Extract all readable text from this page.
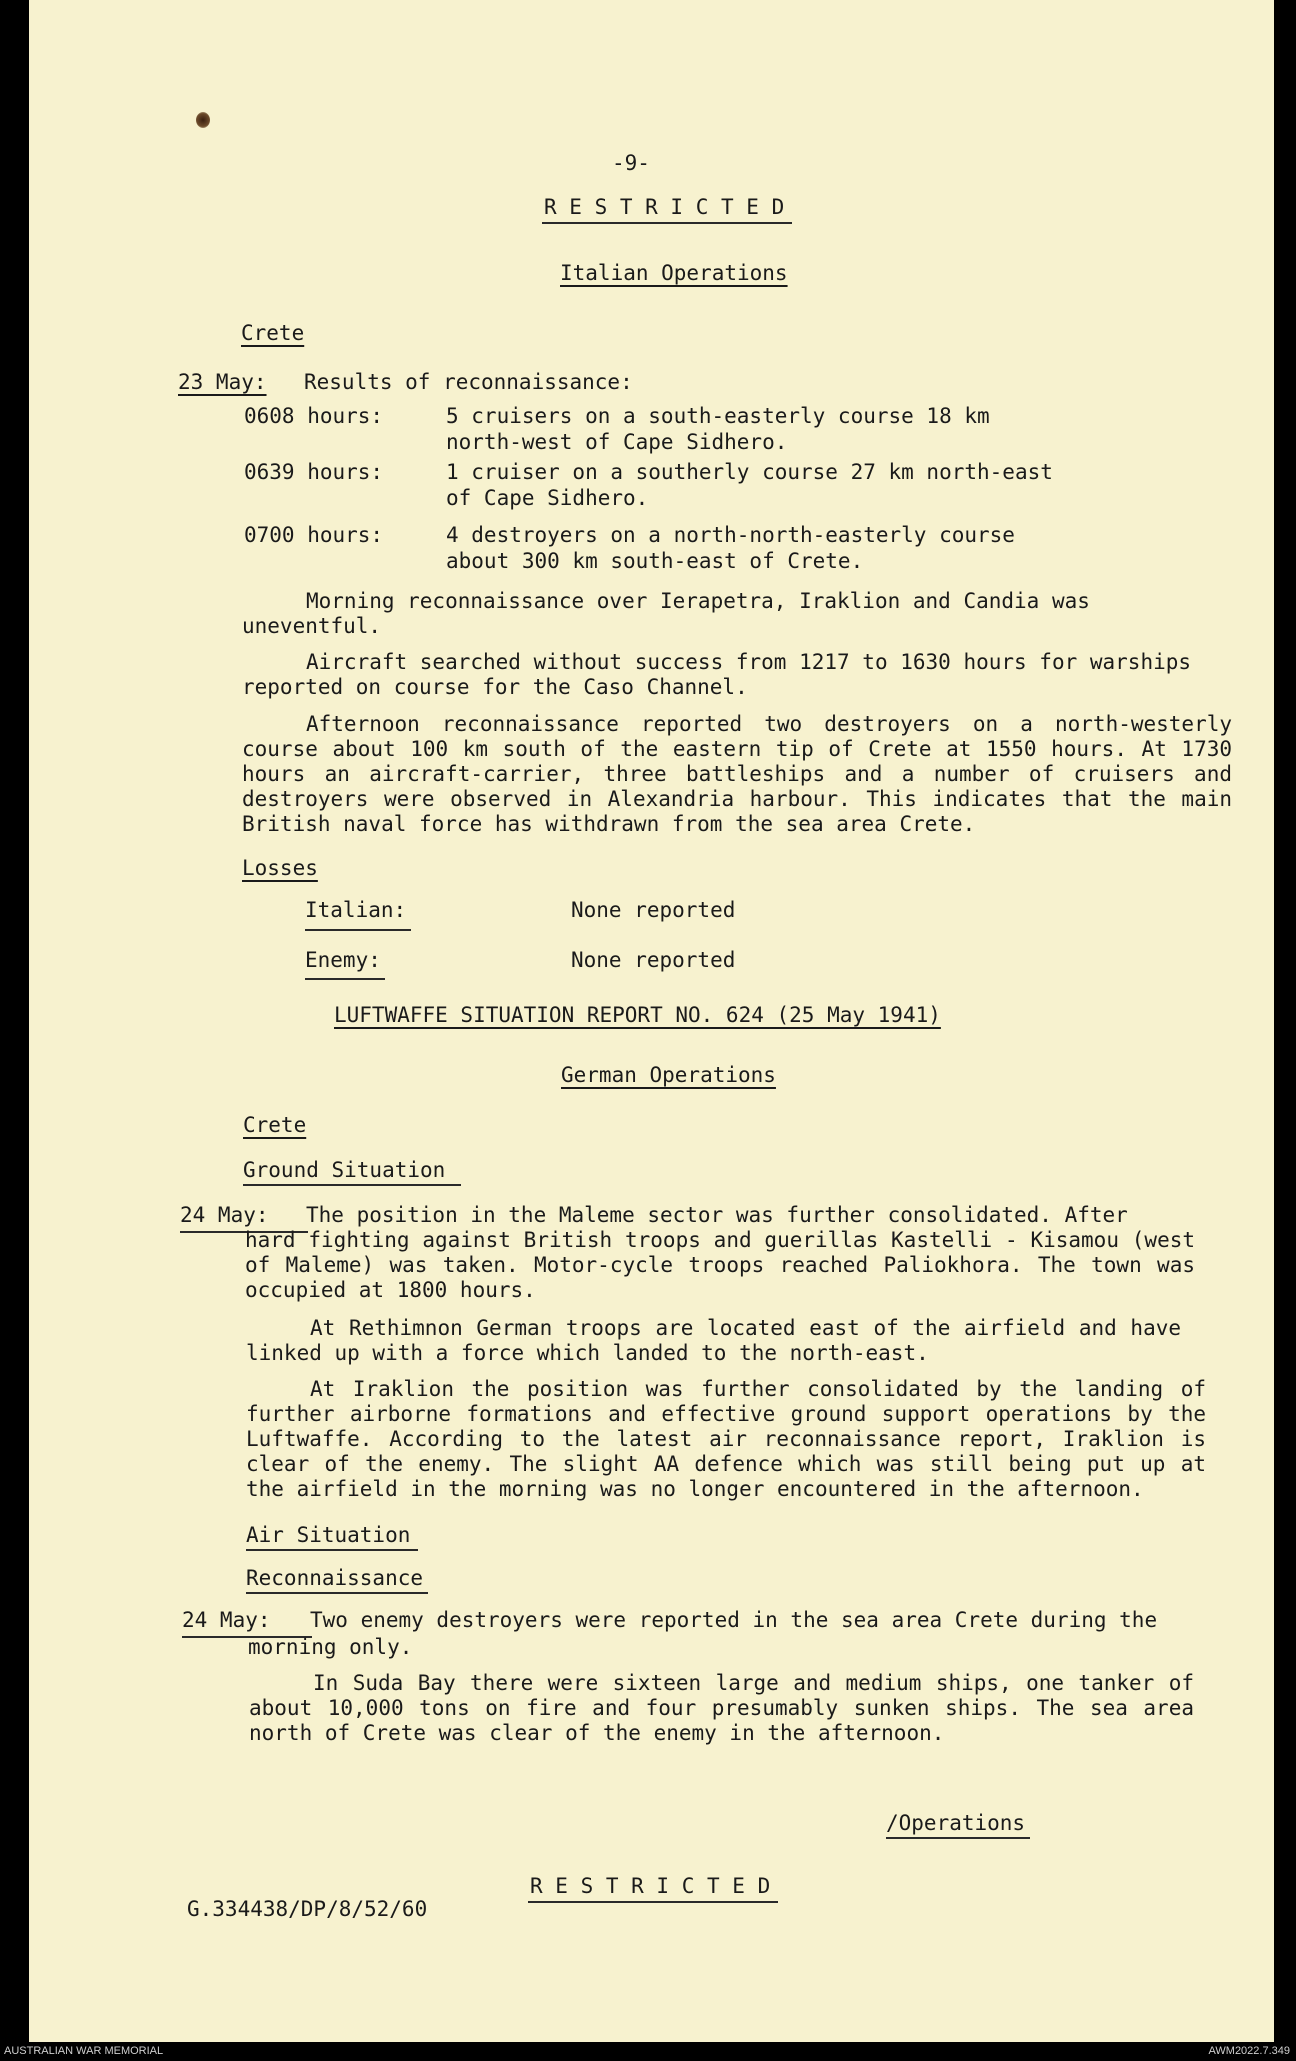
-9-
R E S T R I C T E D
Italian Operations
Crete
23 May: Results of reconnaissance:
0608 hours:	5 cruisers on a south-easterly course 18 km
north-west of Cape Sidhero.
0639 hours:	1 cruiser on a southerly course 27 km north-east
of Cape Sidhero.
0700 hours:	4 destroyers on a north-north-easterly course
about 300 km south-east of Crete.
Morning reconnaissance over Ierapetra, Iraklion and Candia was uneventful.
Aircraft searched without success from 1217 to 1630 hours for warships reported on course for the Caso Channel.
Afternoon reconnaissance reported two destroyers on a north-westerly course about 100 km south of the eastern tip of Crete at 1550 hours. At 1730 hours an aircraft-carrier, three battleships and a number of cruisers and destroyers were observed in Alexandria harbour. This indicates that the main British naval force has withdrawn from the sea area Crete.
Losses
Italian:	None reported
Enemy:	None reported
LUFTWAFFE SITUATION REPORT NO. 624 (25 May 1941)
German Operations
Crete
Ground Situation
24 May: The position in the Maleme sector was further consolidated. After
hard fighting against British troops and guerillas Kastelli - Kisamou (west of Maleme) was taken. Motor-cycle troops reached Paliokhora. The town was occupied at 1800 hours.
At Rethimnon German troops are located east of the airfield and have linked up with a force which landed to the north-east.
At Iraklion the position was further consolidated by the landing of further airborne formations and effective ground support operations by the Luftwaffe. According to the latest air reconnaissance report, Iraklion is clear of the enemy. The slight AA defence which was still being put up at the airfield in the morning was no longer encountered in the afternoon.
Air Situation
Reconnaissance
24 May: Two enemy destroyers were reported in the sea area Crete during the
morning only.
In Suda Bay there were sixteen large and medium ships, one tanker of about 10,000 tons on fire and four presumably sunken ships. The sea area north of Crete was clear of the enemy in the afternoon.
/Operations
R E S T R I C T E D
G.334438/DP/8/52/60
AUSTRALIAN WAR MEMORIAL	AWM2022.7.349
